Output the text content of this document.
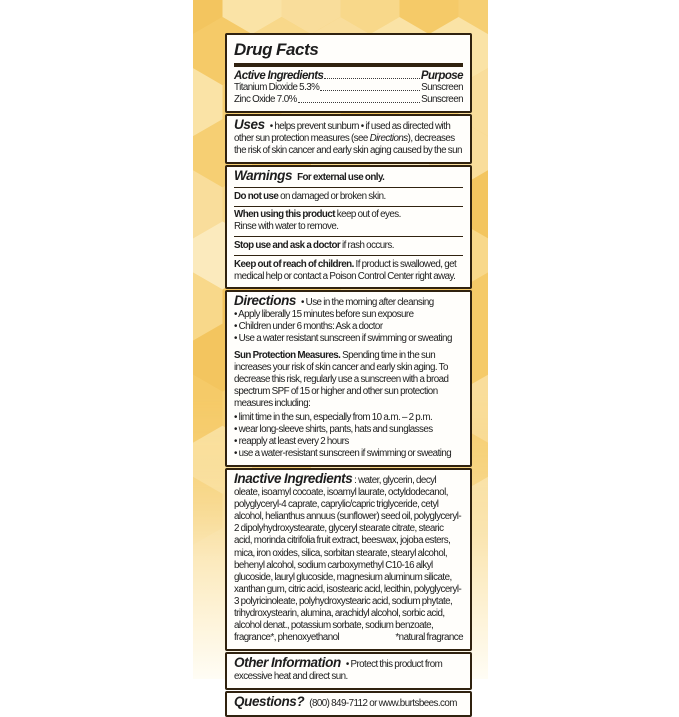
Drug Facts
Active Ingredients	Purpose
Titanium Dioxide 5.3%	Sunscreen
Zinc Oxide 7.0%	Sunscreen
Uses • helps prevent sunburn • if used as directed with other sun protection measures (see Directions), decreases the risk of skin cancer and early skin aging caused by the sun
Warnings For external use only.
Do not use on damaged or broken skin.
When using this product keep out of eyes.
Rinse with water to remove.
Stop use and ask a doctor if rash occurs.
Keep out of reach of children. If product is swallowed, get medical help or contact a Poison Control Center right away.
Directions • Use in the morning after cleansing
• Apply liberally 15 minutes before sun exposure
• Children under 6 months: Ask a doctor
• Use a water resistant sunscreen if swimming or sweating
Sun Protection Measures. Spending time in the sun increases your risk of skin cancer and early skin aging. To decrease this risk, regularly use a sunscreen with a broad spectrum SPF of 15 or higher and other sun protection measures including:
• limit time in the sun, especially from 10 a.m. – 2 p.m.
• wear long-sleeve shirts, pants, hats and sunglasses
• reapply at least every 2 hours
• use a water-resistant sunscreen if swimming or sweating
Inactive Ingredients : water, glycerin, decyl oleate, isoamyl cocoate, isoamyl laurate, octyldodecanol, polyglyceryl-4 caprate, caprylic/capric triglyceride, cetyl alcohol, helianthus annuus (sunflower) seed oil, polyglyceryl-2 dipolyhydroxystearate, glyceryl stearate citrate, stearic acid, morinda citrifolia fruit extract, beeswax, jojoba esters, mica, iron oxides, silica, sorbitan stearate, stearyl alcohol, behenyl alcohol, sodium carboxymethyl C10-16 alkyl glucoside, lauryl glucoside, magnesium aluminum silicate, xanthan gum, citric acid, isostearic acid, lecithin, polyglyceryl-3 polyricinoleate, polyhydroxystearic acid, sodium phytate, trihydroxystearin, alumina, arachidyl alcohol, sorbic acid, alcohol denat., potassium sorbate, sodium benzoate,
fragrance*, phenoxyethanol	*natural fragrance
Other Information • Protect this product from excessive heat and direct sun.
Questions? (800) 849-7112 or www.burtsbees.com
